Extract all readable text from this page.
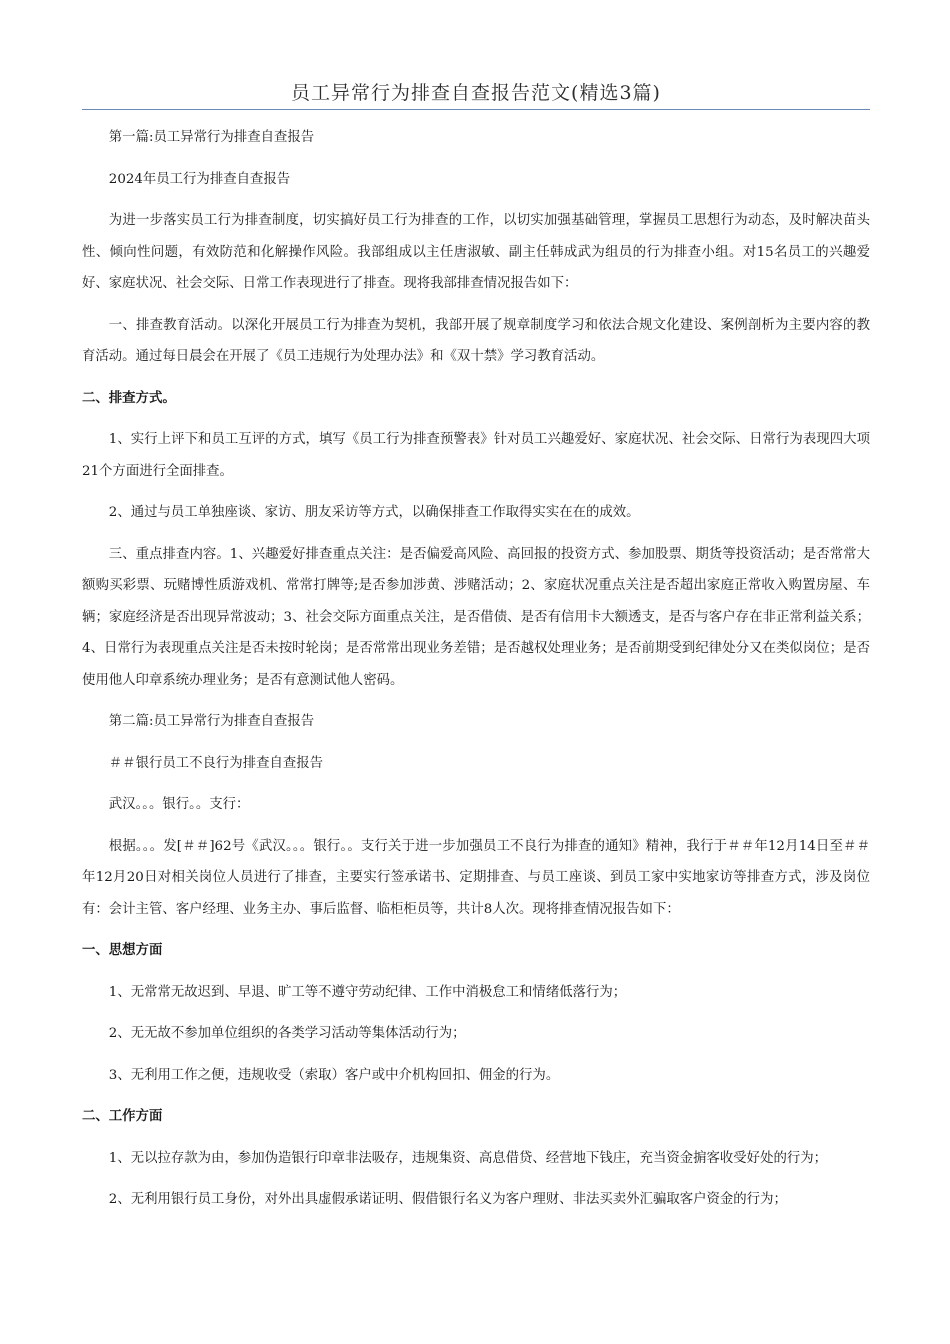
员工异常行为排查自查报告范文(精选3篇)

第一篇:员工异常行为排查自查报告

2024年员工行为排查自查报告

为进一步落实员工行为排查制度，切实搞好员工行为排查的工作，以切实加强基础管理，掌握员工思想行为动态，及时解决苗头性、倾向性问题，有效防范和化解操作风险。我部组成以主任唐淑敏、副主任韩成武为组员的行为排查小组。对15名员工的兴趣爱好、家庭状况、社会交际、日常工作表现进行了排查。现将我部排查情况报告如下：

一、排查教育活动。以深化开展员工行为排查为契机，我部开展了规章制度学习和依法合规文化建设、案例剖析为主要内容的教育活动。通过每日晨会在开展了《员工违规行为处理办法》和《双十禁》学习教育活动。

二、排查方式。

1、实行上评下和员工互评的方式，填写《员工行为排查预警表》针对员工兴趣爱好、家庭状况、社会交际、日常行为表现四大项21个方面进行全面排查。

2、通过与员工单独座谈、家访、朋友采访等方式，以确保排查工作取得实实在在的成效。

三、重点排查内容。1、兴趣爱好排查重点关注：是否偏爱高风险、高回报的投资方式、参加股票、期货等投资活动；是否常常大额购买彩票、玩赌博性质游戏机、常常打牌等;是否参加涉黄、涉赌活动；2、家庭状况重点关注是否超出家庭正常收入购置房屋、车辆；家庭经济是否出现异常波动；3、社会交际方面重点关注，是否借债、是否有信用卡大额透支，是否与客户存在非正常利益关系；4、日常行为表现重点关注是否未按时轮岗；是否常常出现业务差错；是否越权处理业务；是否前期受到纪律处分又在类似岗位；是否使用他人印章系统办理业务；是否有意测试他人密码。

第二篇:员工异常行为排查自查报告

＃＃银行员工不良行为排查自查报告

武汉。。。银行。。支行：

根据。。。发[＃＃]62号《武汉。。。银行。。支行关于进一步加强员工不良行为排查的通知》精神，我行于＃＃年12月14日至＃＃年12月20日对相关岗位人员进行了排查，主要实行签承诺书、定期排查、与员工座谈、到员工家中实地家访等排查方式，涉及岗位有：会计主管、客户经理、业务主办、事后监督、临柜柜员等，共计8人次。现将排查情况报告如下：

一、思想方面

1、无常常无故迟到、早退、旷工等不遵守劳动纪律、工作中消极怠工和情绪低落行为；

2、无无故不参加单位组织的各类学习活动等集体活动行为；

3、无利用工作之便，违规收受（索取）客户或中介机构回扣、佣金的行为。

二、工作方面

1、无以拉存款为由，参加伪造银行印章非法吸存，违规集资、高息借贷、经营地下钱庄，充当资金掮客收受好处的行为；

2、无利用银行员工身份，对外出具虚假承诺证明、假借银行名义为客户理财、非法买卖外汇骗取客户资金的行为；
